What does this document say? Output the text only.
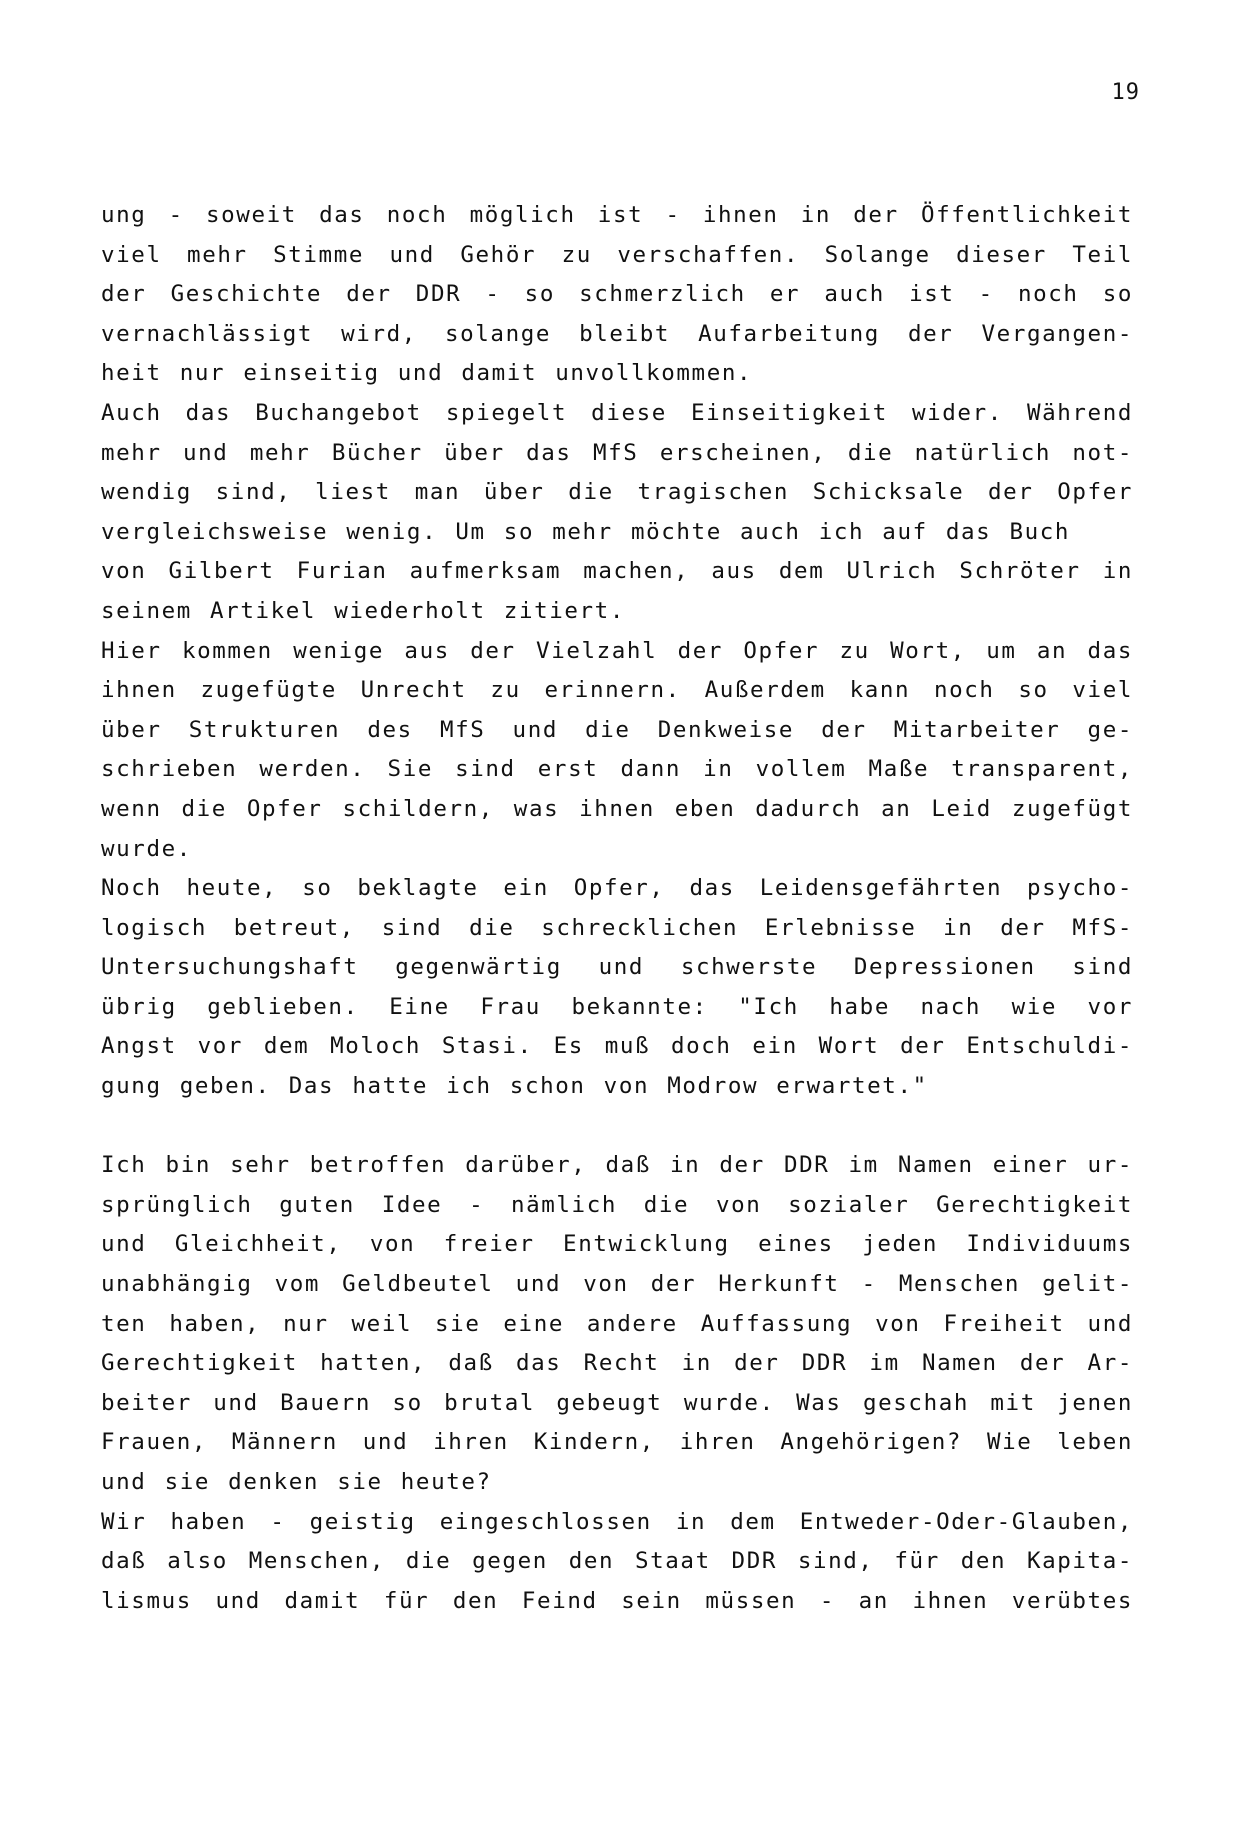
19
ung - soweit das noch möglich ist - ihnen in der Öffentlichkeit
viel mehr Stimme und Gehör zu verschaffen. Solange dieser Teil
der Geschichte der DDR - so schmerzlich er auch ist - noch so
vernachlässigt wird, solange bleibt Aufarbeitung der Vergangen-
heit nur einseitig und damit unvollkommen.
Auch das Buchangebot spiegelt diese Einseitigkeit wider. Während
mehr und mehr Bücher über das MfS erscheinen, die natürlich not-
wendig sind, liest man über die tragischen Schicksale der Opfer
vergleichsweise wenig. Um so mehr möchte auch ich auf das Buch
von Gilbert Furian aufmerksam machen, aus dem Ulrich Schröter in
seinem Artikel wiederholt zitiert.
Hier kommen wenige aus der Vielzahl der Opfer zu Wort, um an das
ihnen zugefügte Unrecht zu erinnern. Außerdem kann noch so viel
über Strukturen des MfS und die Denkweise der Mitarbeiter ge-
schrieben werden. Sie sind erst dann in vollem Maße transparent,
wenn die Opfer schildern, was ihnen eben dadurch an Leid zugefügt
wurde.
Noch heute, so beklagte ein Opfer, das Leidensgefährten psycho-
logisch betreut, sind die schrecklichen Erlebnisse in der MfS-
Untersuchungshaft gegenwärtig und schwerste Depressionen sind
übrig geblieben. Eine Frau bekannte: "Ich habe nach wie vor
Angst vor dem Moloch Stasi. Es muß doch ein Wort der Entschuldi-
gung geben. Das hatte ich schon von Modrow erwartet."
Ich bin sehr betroffen darüber, daß in der DDR im Namen einer ur-
sprünglich guten Idee - nämlich die von sozialer Gerechtigkeit
und Gleichheit, von freier Entwicklung eines jeden Individuums
unabhängig vom Geldbeutel und von der Herkunft - Menschen gelit-
ten haben, nur weil sie eine andere Auffassung von Freiheit und
Gerechtigkeit hatten, daß das Recht in der DDR im Namen der Ar-
beiter und Bauern so brutal gebeugt wurde. Was geschah mit jenen
Frauen, Männern und ihren Kindern, ihren Angehörigen? Wie leben
und sie denken sie heute?
Wir haben - geistig eingeschlossen in dem Entweder-Oder-Glauben,
daß also Menschen, die gegen den Staat DDR sind, für den Kapita-
lismus und damit für den Feind sein müssen - an ihnen verübtes
